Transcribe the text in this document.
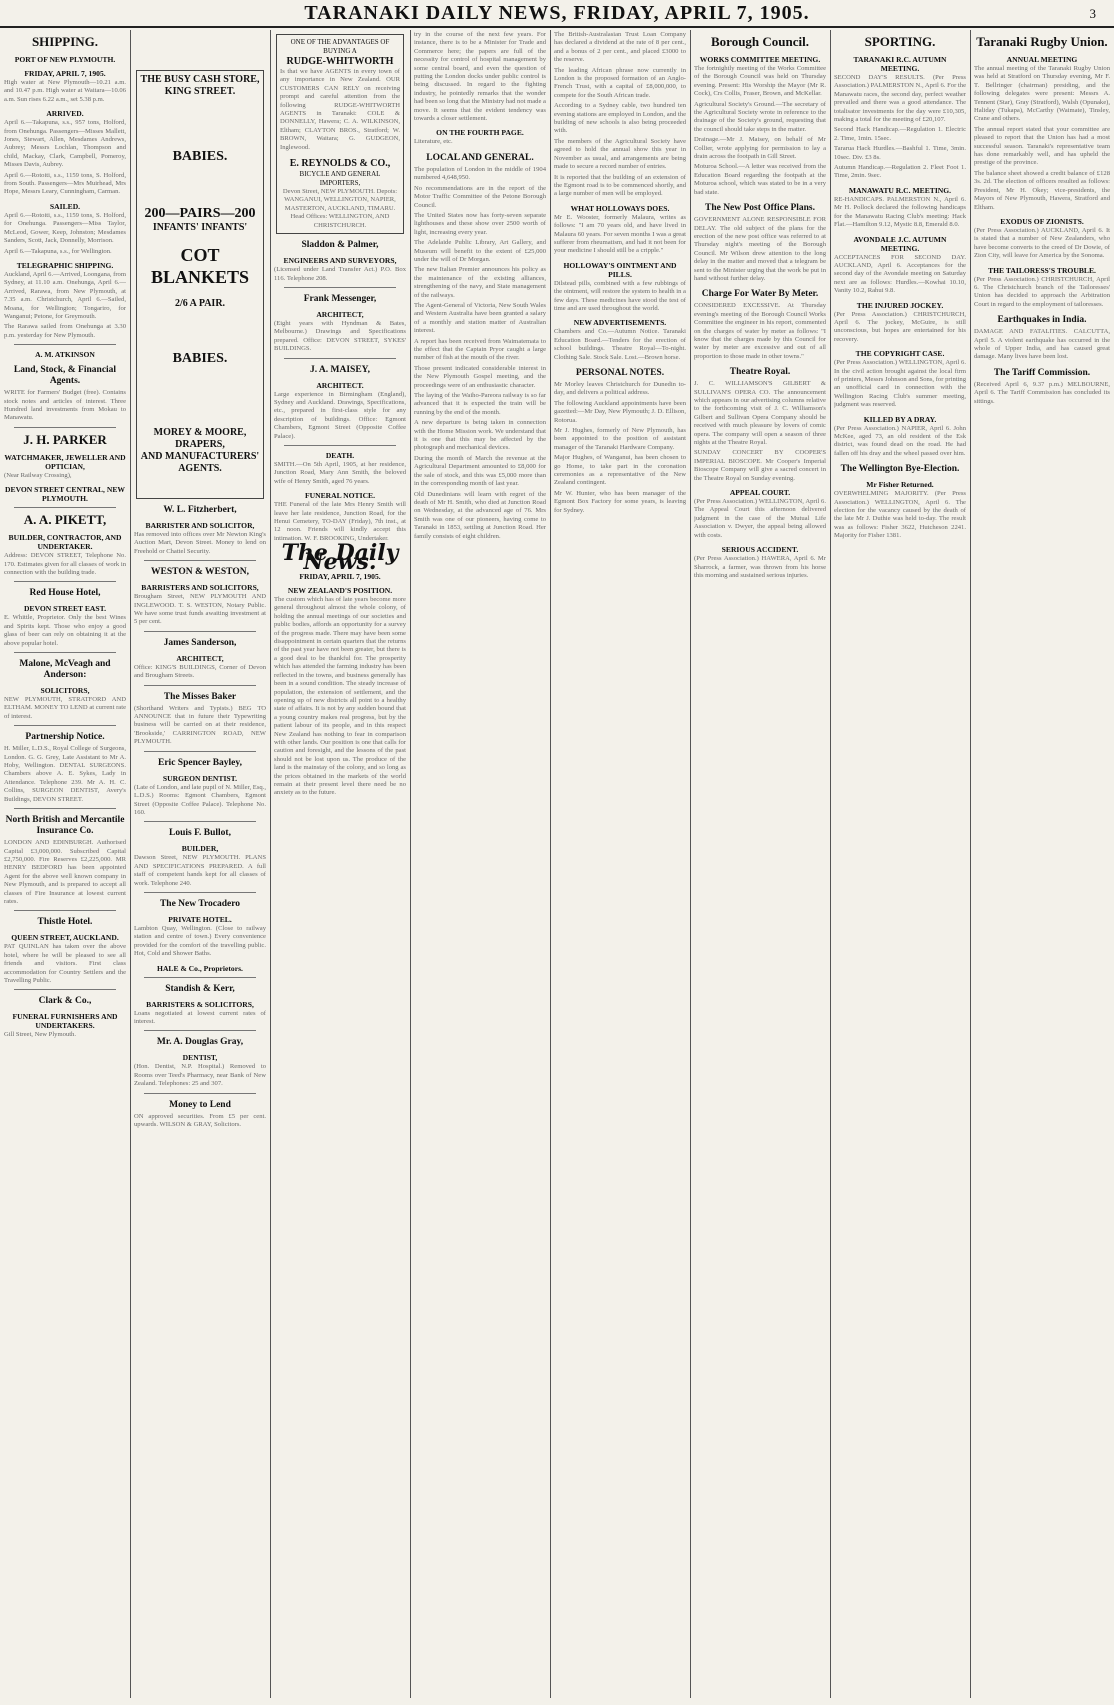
TARANAKI DAILY NEWS, FRIDAY, APRIL 7, 1905.	3
SHIPPING.
PORT OF NEW PLYMOUTH.
FRIDAY, APRIL 7, 1905.

High water at New Plymouth—10.21 a.m. and 10.47 p.m. High water at Waitara—10.06 a.m. Sun rises 6.22 a.m., set 5.38 p.m.

ARRIVED.

April 6.—Takapuna, s.s., 957 tons, Holford, from Onehunga. Passengers—Misses Mallett, Jones, Stewart, Allen, Mesdames Andrews, Aubrey; Messrs Lochlan, Thompson and child, Mackay, Clark, Campbell, Pomeroy, Misses Davis, Aubrey.

April 6.—Rotoiti, s.s., 1159 tons, S. Holford, from South. Passengers—Mrs Muirhead, Mrs Hope, Messrs Leary, Cunningham, Carman.

SAILED.

April 6.—Rotoiti, s.s., 1159 tons, S. Holford, for Onehunga. Passengers—Miss Taylor, McLeod, Gower, Keep, Johnston; Mesdames Sanders, Scott, Jack, Donnelly, Morrison.

April 6.—Takapuna, s.s., for Wellington.

TELEGRAPHIC SHIPPING.

Auckland, April 6.—Arrived, Loongana, from Sydney, at 11.10 a.m. Onehunga, April 6.—Arrived, Rarawa, from New Plymouth, at 7.35 a.m. Christchurch, April 6.—Sailed, Moana, for Wellington; Tongariro, for Wanganui; Petone, for Greymouth.

The Rarawa sailed from Onehunga at 3.30 p.m. yesterday for New Plymouth.

A. M. ATKINSON
Land, Stock, & Financial Agents.

WRITE for Farmers' Budget (free). Contains stock notes and articles of interest. Three Hundred land investments from Mokau to Manawatu.

J. H. PARKER
WATCHMAKER, JEWELLER AND OPTICIAN,

(Near Railway Crossing),

DEVON STREET CENTRAL, NEW PLYMOUTH.
A. A. PIKETT,
BUILDER, CONTRACTOR, AND UNDERTAKER.

Address: DEVON STREET, Telephone No. 170. Estimates given for all classes of work in connection with the building trade.

Red House Hotel,
DEVON STREET EAST.

E. Whittle, Proprietor. Only the best Wines and Spirits kept. Those who enjoy a good glass of beer can rely on obtaining it at the above popular hotel.

Malone, McVeagh and Anderson:
SOLICITORS,

NEW PLYMOUTH, STRATFORD AND ELTHAM. MONEY TO LEND at current rate of interest.

Partnership Notice.

H. Miller, L.D.S., Royal College of Surgeons, London. G. G. Grey, Late Assistant to Mr A. Hoby, Wellington. DENTAL SURGEONS. Chambers above A. E. Sykes, Lady in Attendance. Telephone 239. Mr A. H. C. Collins, SURGEON DENTIST, Avery's Buildings, DEVON STREET.

North British and Mercantile Insurance Co.

LONDON AND EDINBURGH. Authorised Capital £3,000,000. Subscribed Capital £2,750,000. Fire Reserves £2,225,000. MR HENRY BEDFORD has been appointed Agent for the above well known company in New Plymouth, and is prepared to accept all classes of Fire Insurance at lowest current rates.

Thistle Hotel.
QUEEN STREET, AUCKLAND.

PAT QUINLAN has taken over the above hotel, where he will be pleased to see all friends and visitors. First class accommodation for Country Settlers and the Travelling Public.

Clark & Co.,
FUNERAL FURNISHERS AND UNDERTAKERS.

Gill Street, New Plymouth.

THE BUSY CASH STORE,
KING STREET.
BABIES.
200—PAIRS—200
INFANTS' INFANTS'
COT
BLANKETS
2/6 A PAIR.
BABIES.
MOREY & MOORE,
DRAPERS,
AND MANUFACTURERS' AGENTS.
W. L. Fitzherbert,
BARRISTER AND SOLICITOR,

Has removed into offices over Mr Newton King's Auction Mart, Devon Street. Money to lend on Freehold or Chattel Security.

WESTON & WESTON,
BARRISTERS AND SOLICITORS,

Brougham Street, NEW PLYMOUTH AND INGLEWOOD. T. S. WESTON, Notary Public. We have some trust funds awaiting investment at 5 per cent.

James Sanderson,
ARCHITECT,

Office: KING'S BUILDINGS, Corner of Devon and Brougham Streets.

The Misses Baker

(Shorthand Writers and Typists.) BEG TO ANNOUNCE that in future their Typewriting business will be carried on at their residence, 'Brookside,' CARRINGTON ROAD, NEW PLYMOUTH.

Eric Spencer Bayley,
SURGEON DENTIST.

(Late of London, and late pupil of N. Miller, Esq., L.D.S.) Rooms: Egmont Chambers, Egmont Street (Opposite Coffee Palace). Telephone No. 160.

Louis F. Bullot,
BUILDER,

Dawson Street, NEW PLYMOUTH. PLANS AND SPECIFICATIONS PREPARED. A full staff of competent hands kept for all classes of work. Telephone 240.

The New Trocadero
PRIVATE HOTEL.

Lambton Quay, Wellington. (Close to railway station and centre of town.) Every convenience provided for the comfort of the travelling public. Hot, Cold and Shower Baths.

HALE & Co., Proprietors.
Standish & Kerr,
BARRISTERS & SOLICITORS,

Loans negotiated at lowest current rates of interest.

Mr. A. Douglas Gray,
DENTIST,

(Hon. Dentist, N.P. Hospital.) Removed to Rooms over Teed's Pharmacy, near Bank of New Zealand. Telephones: 25 and 307.

Money to Lend

ON approved securities. From £5 per cent. upwards. WILSON & GRAY, Solicitors.

ONE OF THE ADVANTAGES OF BUYING A
RUDGE-WHITWORTH
Is that we have AGENTS in every town of any importance in New Zealand. OUR CUSTOMERS CAN RELY on receiving prompt and careful attention from the following RUDGE-WHITWORTH AGENTS in Taranaki: COLE & DONNELLY, Hawera; C. A. WILKINSON, Eltham; CLAYTON BROS., Stratford; W. BROWN, Waitara; G. GUDGEON, Inglewood.
E. REYNOLDS & CO.,
BICYCLE AND GENERAL IMPORTERS,
Devon Street, NEW PLYMOUTH. Depots: WANGANUI, WELLINGTON, NAPIER, MASTERTON, AUCKLAND, TIMARU. Head Offices: WELLINGTON, AND CHRISTCHURCH.
Sladdon & Palmer,
ENGINEERS AND SURVEYORS,

(Licensed under Land Transfer Act.) P.O. Box 116. Telephone 208.

Frank Messenger,
ARCHITECT,

(Eight years with Hyndman & Bates, Melbourne.) Drawings and Specifications prepared. Office: DEVON STREET, SYKES' BUILDINGS.

J. A. MAISEY,
ARCHITECT.

Large experience in Birmingham (England), Sydney and Auckland. Drawings, Specifications, etc., prepared in first-class style for any description of buildings. Office: Egmont Chambers, Egmont Street (Opposite Coffee Palace).

DEATH.

SMITH.—On 5th April, 1905, at her residence, Junction Road, Mary Ann Smith, the beloved wife of Henry Smith, aged 76 years.

FUNERAL NOTICE.

THE Funeral of the late Mrs Henry Smith will leave her late residence, Junction Road, for the Henui Cemetery, TO-DAY (Friday), 7th inst., at 12 noon. Friends will kindly accept this intimation. W. F. BROOKING, Undertaker.

The Daily News.
FRIDAY, APRIL 7, 1905.
NEW ZEALAND'S POSITION.

The custom which has of late years become more general throughout almost the whole colony, of holding the annual meetings of our societies and public bodies, affords an opportunity for a survey of the progress made. There may have been some disappointment in certain quarters that the returns of the past year have not been greater, but there is a good deal to be thankful for. The prosperity which has attended the farming industry has been reflected in the towns, and business generally has been in a sound condition. The steady increase of population, the extension of settlement, and the opening up of new districts all point to a healthy state of affairs. It is not by any sudden bound that a young country makes real progress, but by the patient labour of its people, and in this respect New Zealand has nothing to fear in comparison with other lands. Our position is one that calls for caution and foresight, and the lessons of the past should not be lost upon us. The produce of the land is the mainstay of the colony, and so long as the prices obtained in the markets of the world remain at their present level there need be no anxiety as to the future.

try in the course of the next few years. For instance, there is to be a Minister for Trade and Commerce here; the papers are full of the necessity for control of hospital management by some central board, and even the question of putting the London docks under public control is being discussed. In regard to the fighting industry, he pointedly remarks that the wonder had been so long that the Ministry had not made a move. It seems that the evident tendency was towards a closer settlement.

ON THE FOURTH PAGE.

Literature, etc.

LOCAL AND GENERAL.

The population of London in the middle of 1904 numbered 4,648,950.

No recommendations are in the report of the Motor Traffic Committee of the Petone Borough Council.

The United States now has forty-seven separate lighthouses and these show over 2500 worth of light, increasing every year.

The Adelaide Public Library, Art Gallery, and Museum will benefit to the extent of £25,000 under the will of Dr Morgan.

The new Italian Premier announces his policy as the maintenance of the existing alliances, strengthening of the navy, and State management of the railways.

The Agent-General of Victoria, New South Wales and Western Australia have been granted a salary of a monthly and station matter of Australian interest.

A report has been received from Waimatemata to the effect that the Captain Pryor caught a large number of fish at the mouth of the river.

Those present indicated considerable interest in the New Plymouth Gospel meeting, and the proceedings were of an enthusiastic character.

The laying of the Waiho-Pareora railway is so far advanced that it is expected the train will be running by the end of the month.

A new departure is being taken in connection with the Home Mission work. We understand that it is one that this may be affected by the photograph and mechanical devices.

During the month of March the revenue at the Agricultural Department amounted to £8,000 for the sale of stock, and this was £5,000 more than in the corresponding month of last year.

Old Dunedinians will learn with regret of the death of Mr H. Smith, who died at Junction Road on Wednesday, at the advanced age of 76. Mrs Smith was one of our pioneers, having come to Taranaki in 1853, settling at Junction Road. Her family consists of eight children.

The British-Australasian Trust Loan Company has declared a dividend at the rate of 8 per cent., and a bonus of 2 per cent., and placed £3000 to the reserve.

The leading African phrase now currently in London is the proposed formation of an Anglo-French Trust, with a capital of £8,000,000, to compete for the South African trade.

According to a Sydney cable, two hundred ten evening stations are employed in London, and the building of new schools is also being proceeded with.

The members of the Agricultural Society have agreed to hold the annual show this year in November as usual, and arrangements are being made to secure a record number of entries.

It is reported that the building of an extension of the Egmont road is to be commenced shortly, and a large number of men will be employed.

WHAT HOLLOWAYS DOES.

Mr E. Wooster, formerly Malaura, writes as follows: "I am 70 years old, and have lived in Malaura 60 years. For seven months I was a great sufferer from rheumatism, and had it not been for your medicine I should still be a cripple."

HOLLOWAY'S OINTMENT AND PILLS.

Dilstead pills, combined with a few rubbings of the ointment, will restore the system to health in a few days. These medicines have stood the test of time and are used throughout the world.

NEW ADVERTISEMENTS.

Chambers and Co.—Autumn Notice. Taranaki Education Board.—Tenders for the erection of school buildings. Theatre Royal—To-night. Clothing Sale. Stock Sale. Lost.—Brown horse.

PERSONAL NOTES.

Mr Morley leaves Christchurch for Dunedin to-day, and delivers a political address.

The following Auckland appointments have been gazetted:—Mr Day, New Plymouth; J. D. Ellison, Rotorua.

Mr J. Hughes, formerly of New Plymouth, has been appointed to the position of assistant manager of the Taranaki Hardware Company.

Major Hughes, of Wanganui, has been chosen to go Home, to take part in the coronation ceremonies as a representative of the New Zealand contingent.

Mr W. Hunter, who has been manager of the Egmont Box Factory for some years, is leaving for Sydney.

Borough Council.
WORKS COMMITTEE MEETING.

The fortnightly meeting of the Works Committee of the Borough Council was held on Thursday evening. Present: His Worship the Mayor (Mr R. Cock), Crs Collis, Fraser, Brown, and McKellar.

Agricultural Society's Ground.—The secretary of the Agricultural Society wrote in reference to the drainage of the Society's ground, requesting that the council should take steps in the matter.

Drainage.—Mr J. Maisey, on behalf of Mr Collier, wrote applying for permission to lay a drain across the footpath in Gill Street.

Moturoa School.—A letter was received from the Education Board regarding the footpath at the Moturoa school, which was stated to be in a very bad state.

The New Post Office Plans.

GOVERNMENT ALONE RESPONSIBLE FOR DELAY. The old subject of the plans for the erection of the new post office was referred to at Thursday night's meeting of the Borough Council. Mr Wilson drew attention to the long delay in the matter and moved that a telegram be sent to the Minister urging that the work be put in hand without further delay.

Charge For Water By Meter.

CONSIDERED EXCESSIVE. At Thursday evening's meeting of the Borough Council Works Committee the engineer in his report, commented on the charges of water by meter as follows: "I know that the charges made by this Council for water by meter are excessive and out of all proportion to those made in other towns."

Theatre Royal.

J. C. WILLIAMSON'S GILBERT & SULLIVAN'S OPERA CO. The announcement which appears in our advertising columns relative to the forthcoming visit of J. C. Williamson's Gilbert and Sullivan Opera Company should be received with much pleasure by lovers of comic opera. The company will open a season of three nights at the Theatre Royal.

SUNDAY CONCERT BY COOPER'S IMPERIAL BIOSCOPE. Mr Cooper's Imperial Bioscope Company will give a sacred concert in the Theatre Royal on Sunday evening.

APPEAL COURT.

(Per Press Association.) WELLINGTON, April 6. The Appeal Court this afternoon delivered judgment in the case of the Mutual Life Association v. Dwyer, the appeal being allowed with costs.

SERIOUS ACCIDENT.

(Per Press Association.) HAWERA, April 6. Mr Sharrock, a farmer, was thrown from his horse this morning and sustained serious injuries.

SPORTING.
TARANAKI R.C. AUTUMN MEETING.

SECOND DAY'S RESULTS. (Per Press Association.) PALMERSTON N., April 6. For the Manawatu races, the second day, perfect weather prevailed and there was a good attendance. The totalisator investments for the day were £10,305, making a total for the meeting of £20,107.

Second Hack Handicap.—Regulation 1. Electric 2. Time, 1min. 15sec.

Tararua Hack Hurdles.—Bashful 1. Time, 3min. 10sec. Div. £3 8s.

Autumn Handicap.—Regulation 2. Fleet Foot 1. Time, 2min. 9sec.

MANAWATU R.C. MEETING.

RE-HANDICAPS. PALMERSTON N., April 6. Mr H. Pollock declared the following handicaps for the Manawatu Racing Club's meeting: Hack Flat.—Hamilton 9.12, Mystic 8.8, Emerald 8.0.

AVONDALE J.C. AUTUMN MEETING.

ACCEPTANCES FOR SECOND DAY. AUCKLAND, April 6. Acceptances for the second day of the Avondale meeting on Saturday next are as follows: Hurdles.—Kowhai 10.10, Vanity 10.2, Rahui 9.8.

THE INJURED JOCKEY.

(Per Press Association.) CHRISTCHURCH, April 6. The jockey, McGuire, is still unconscious, but hopes are entertained for his recovery.

THE COPYRIGHT CASE.

(Per Press Association.) WELLINGTON, April 6. In the civil action brought against the local firm of printers, Messrs Johnson and Sons, for printing an unofficial card in connection with the Wellington Racing Club's summer meeting, judgment was reserved.

KILLED BY A DRAY.

(Per Press Association.) NAPIER, April 6. John McKee, aged 73, an old resident of the Esk district, was found dead on the road. He had fallen off his dray and the wheel passed over him.

The Wellington Bye-Election.
Mr Fisher Returned.

OVERWHELMING MAJORITY. (Per Press Association.) WELLINGTON, April 6. The election for the vacancy caused by the death of the late Mr J. Duthie was held to-day. The result was as follows: Fisher 3622, Hutcheson 2241. Majority for Fisher 1381.

Taranaki Rugby Union.
ANNUAL MEETING

The annual meeting of the Taranaki Rugby Union was held at Stratford on Thursday evening, Mr F. T. Bellringer (chairman) presiding, and the following delegates were present: Messrs A. Tennent (Star), Gray (Stratford), Walsh (Opunake), Haliday (Tukapa), McCarthy (Waimate), Tinsley, Crane and others.

The annual report stated that your committee are pleased to report that the Union has had a most successful season. Taranaki's representative team has done remarkably well, and has upheld the prestige of the province.

The balance sheet showed a credit balance of £128 3s. 2d. The election of officers resulted as follows: President, Mr H. Okey; vice-presidents, the Mayors of New Plymouth, Hawera, Stratford and Eltham.

EXODUS OF ZIONISTS.

(Per Press Association.) AUCKLAND, April 6. It is stated that a number of New Zealanders, who have become converts to the creed of Dr Dowie, of Zion City, will leave for America by the Sonoma.

THE TAILORESS'S TROUBLE.

(Per Press Association.) CHRISTCHURCH, April 6. The Christchurch branch of the Tailoresses' Union has decided to approach the Arbitration Court in regard to the employment of tailoresses.

Earthquakes in India.

DAMAGE AND FATALITIES. CALCUTTA, April 5. A violent earthquake has occurred in the whole of Upper India, and has caused great damage. Many lives have been lost.

The Tariff Commission.

(Received April 6, 9.37 p.m.) MELBOURNE, April 6. The Tariff Commission has concluded its sittings.
